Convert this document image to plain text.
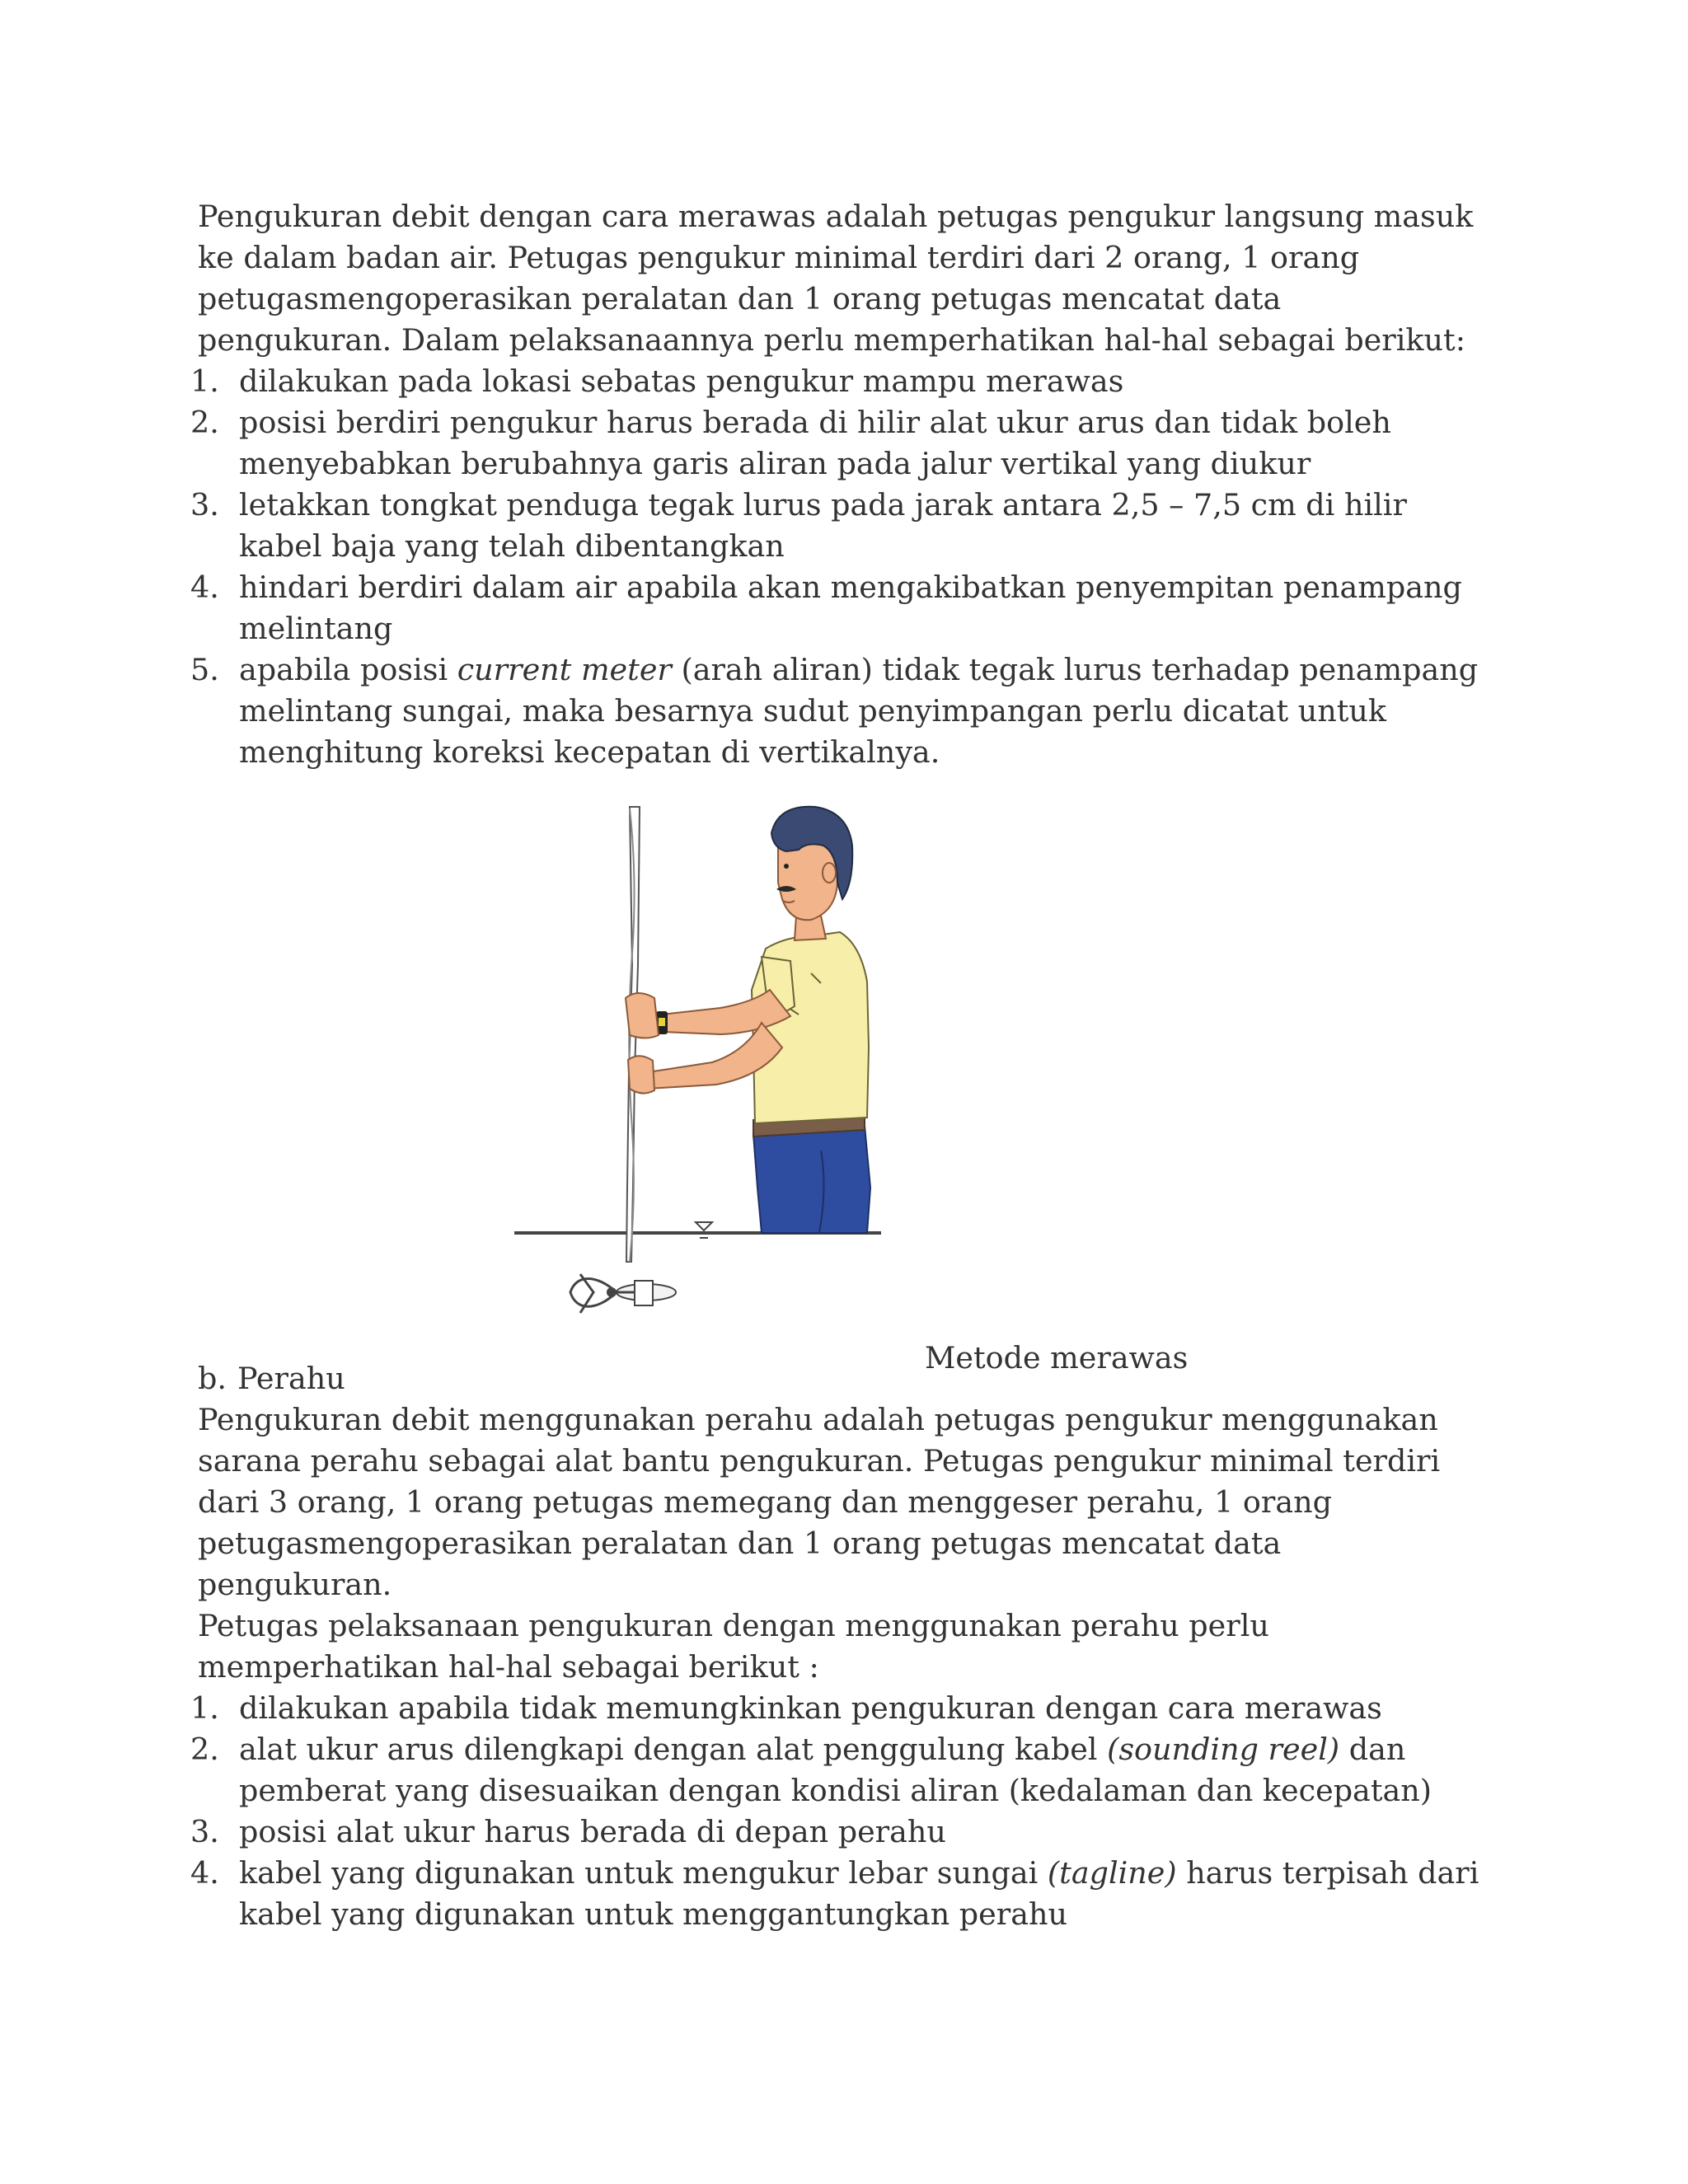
Pengukuran debit dengan cara merawas adalah petugas pengukur langsung masuk ke dalam badan air. Petugas pengukur minimal terdiri dari 2 orang, 1 orang petugasmengoperasikan peralatan dan 1 orang petugas mencatat data pengukuran. Dalam pelaksanaannya perlu memperhatikan hal-hal sebagai berikut:

1. dilakukan pada lokasi sebatas pengukur mampu merawas
2. posisi berdiri pengukur harus berada di hilir alat ukur arus dan tidak boleh menyebabkan berubahnya garis aliran pada jalur vertikal yang diukur
3. letakkan tongkat penduga tegak lurus pada jarak antara 2,5 – 7,5 cm di hilir kabel baja yang telah dibentangkan
4. hindari berdiri dalam air apabila akan mengakibatkan penyempitan penampang melintang
5. apabila posisi current meter (arah aliran) tidak tegak lurus terhadap penampang melintang sungai, maka besarnya sudut penyimpangan perlu dicatat untuk menghitung koreksi kecepatan di vertikalnya.

Metode merawas

b. Perahu

Pengukuran debit menggunakan perahu adalah petugas pengukur menggunakan sarana perahu sebagai alat bantu pengukuran. Petugas pengukur minimal terdiri dari 3 orang, 1 orang petugas memegang dan menggeser perahu, 1 orang petugasmengoperasikan peralatan dan 1 orang petugas mencatat data pengukuran.

Petugas pelaksanaan pengukuran dengan menggunakan perahu perlu memperhatikan hal-hal sebagai berikut :

1. dilakukan apabila tidak memungkinkan pengukuran dengan cara merawas
2. alat ukur arus dilengkapi dengan alat penggulung kabel (sounding reel) dan pemberat yang disesuaikan dengan kondisi aliran (kedalaman dan kecepatan)
3. posisi alat ukur harus berada di depan perahu
4. kabel yang digunakan untuk mengukur lebar sungai (tagline) harus terpisah dari kabel yang digunakan untuk menggantungkan perahu
